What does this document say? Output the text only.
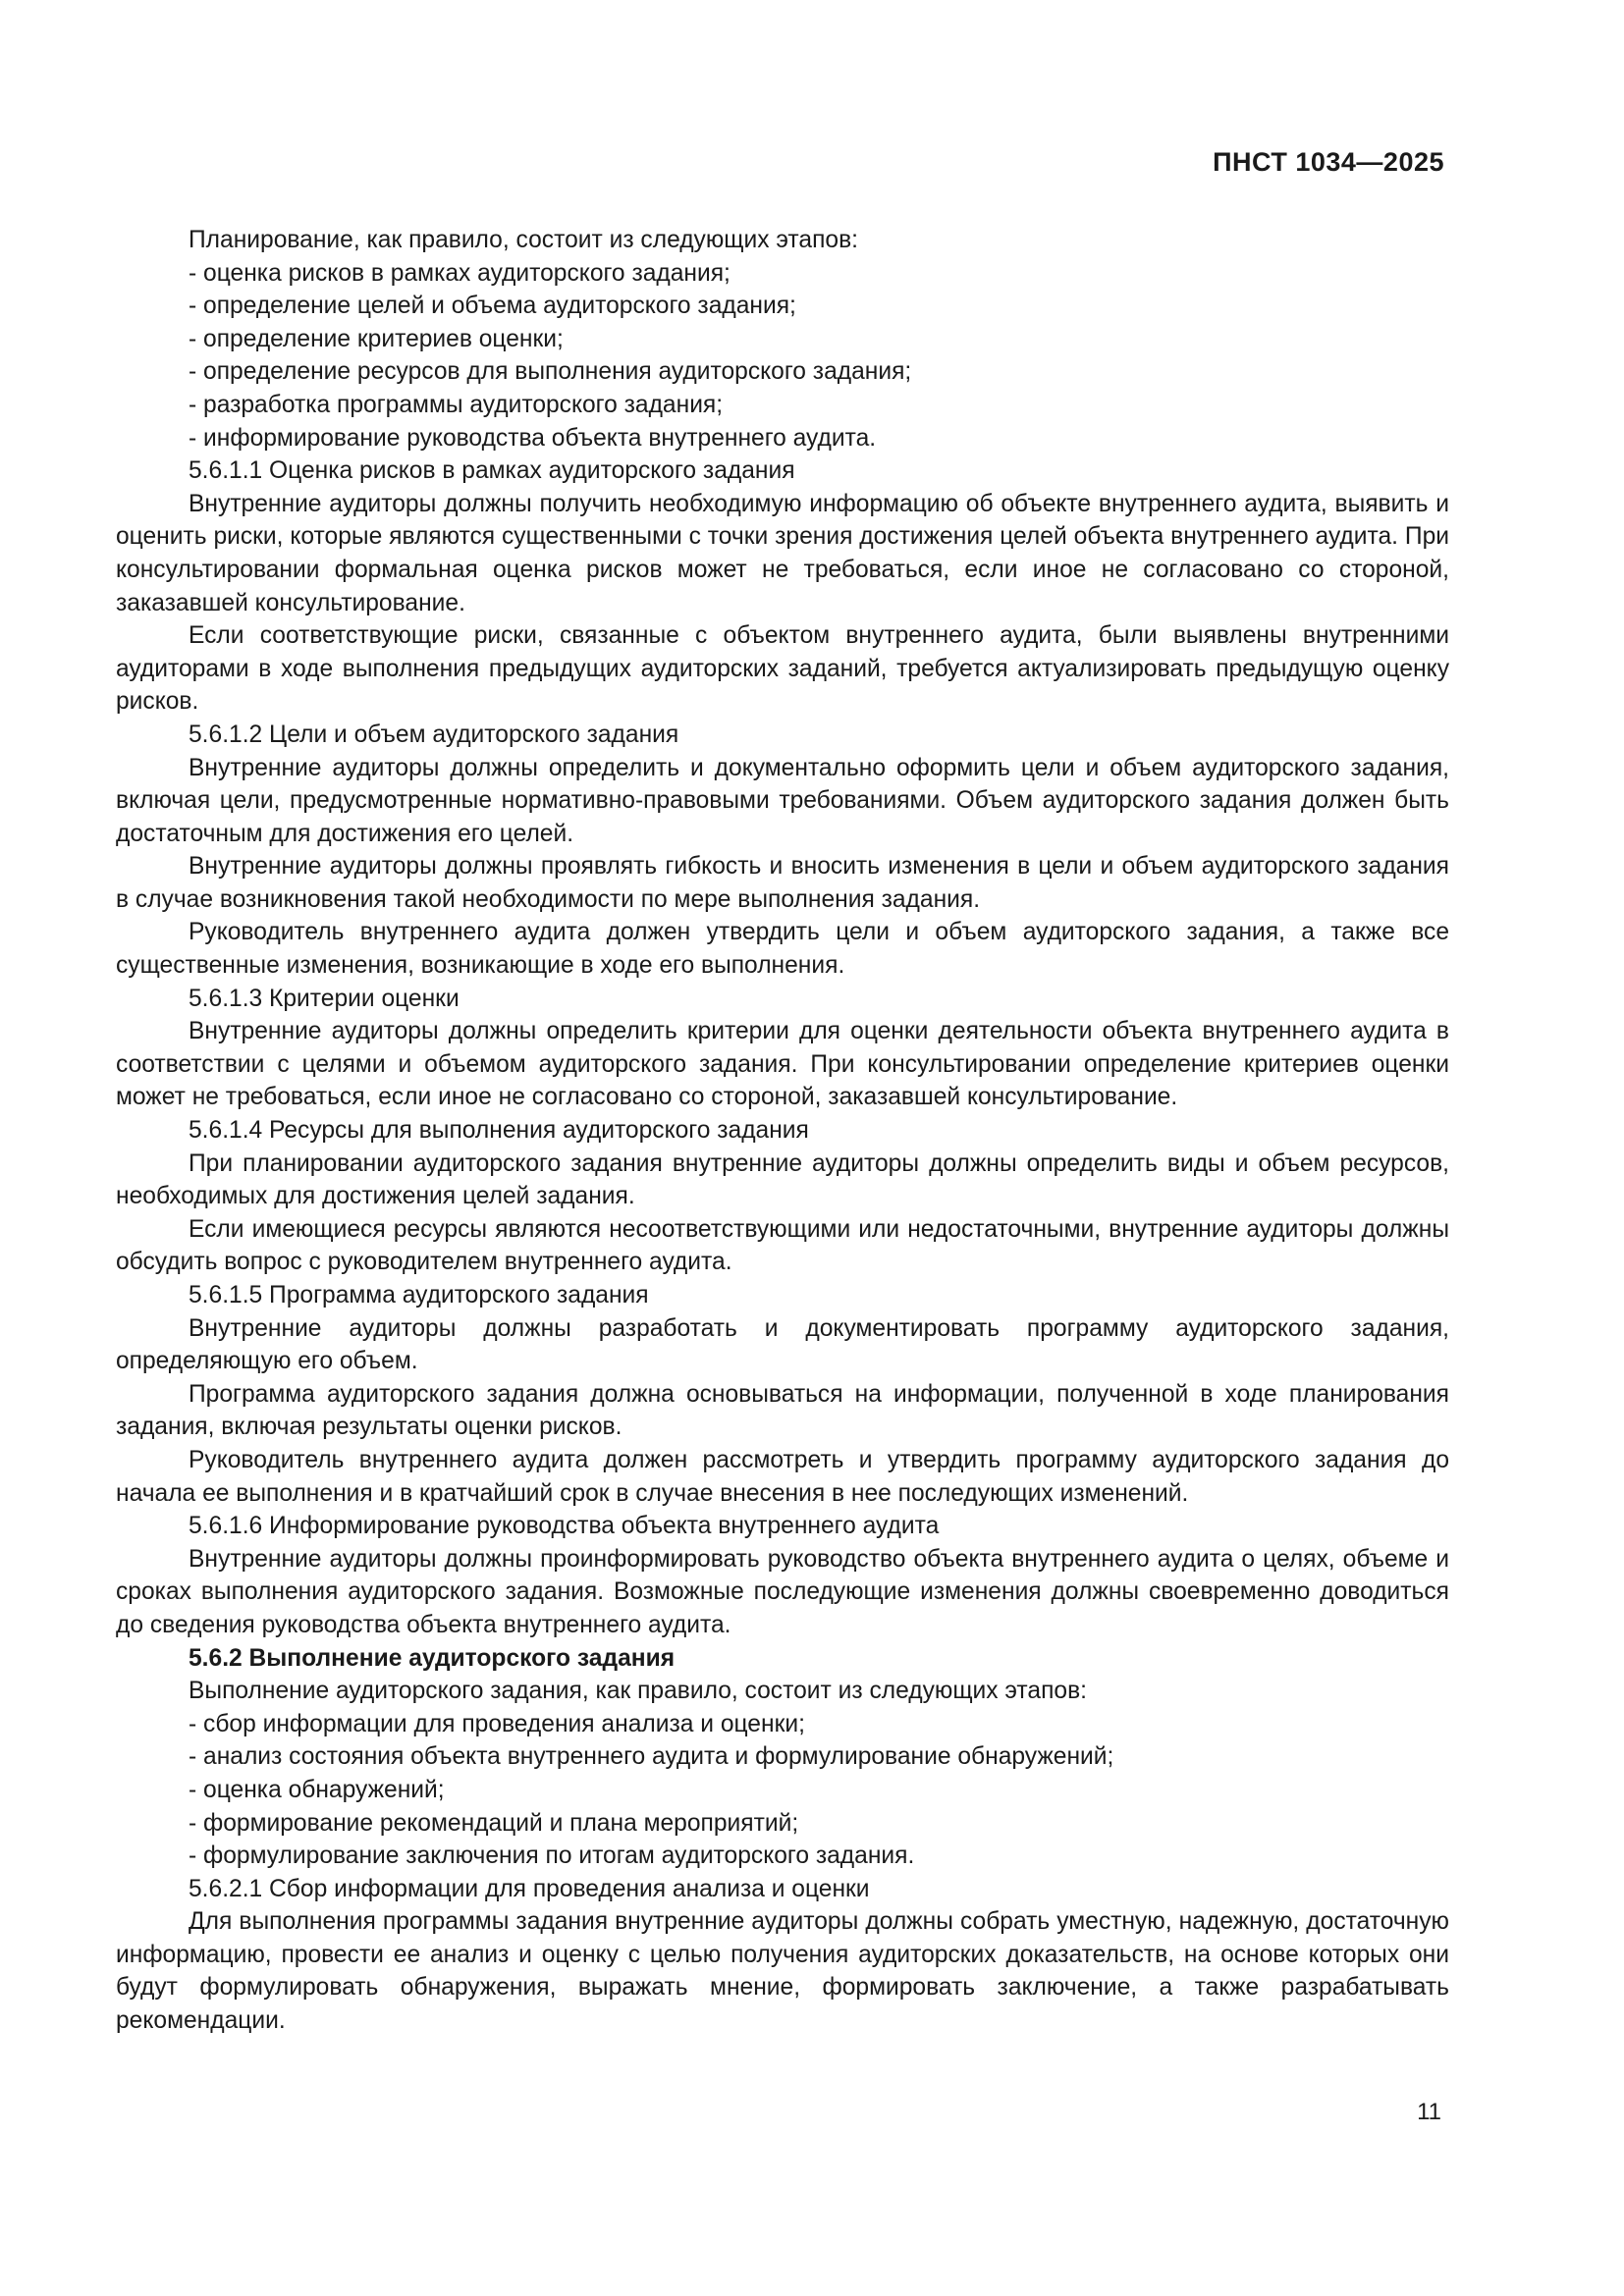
ПНСТ 1034—2025

Планирование, как правило, состоит из следующих этапов:

- оценка рисков в рамках аудиторского задания;

- определение целей и объема аудиторского задания;

- определение критериев оценки;

- определение ресурсов для выполнения аудиторского задания;

- разработка программы аудиторского задания;

- информирование руководства объекта внутреннего аудита.

5.6.1.1 Оценка рисков в рамках аудиторского задания

Внутренние аудиторы должны получить необходимую информацию об объекте внутреннего аудита, выявить и оценить риски, которые являются существенными с точки зрения достижения целей объекта внутреннего аудита. При консультировании формальная оценка рисков может не требоваться, если иное не согласовано со стороной, заказавшей консультирование.

Если соответствующие риски, связанные с объектом внутреннего аудита, были выявлены внутренними аудиторами в ходе выполнения предыдущих аудиторских заданий, требуется актуализировать предыдущую оценку рисков.

5.6.1.2 Цели и объем аудиторского задания

Внутренние аудиторы должны определить и документально оформить цели и объем аудиторского задания, включая цели, предусмотренные нормативно-правовыми требованиями. Объем аудиторского задания должен быть достаточным для достижения его целей.

Внутренние аудиторы должны проявлять гибкость и вносить изменения в цели и объем аудиторского задания в случае возникновения такой необходимости по мере выполнения задания.

Руководитель внутреннего аудита должен утвердить цели и объем аудиторского задания, а также все существенные изменения, возникающие в ходе его выполнения.

5.6.1.3 Критерии оценки

Внутренние аудиторы должны определить критерии для оценки деятельности объекта внутреннего аудита в соответствии с целями и объемом аудиторского задания. При консультировании определение критериев оценки может не требоваться, если иное не согласовано со стороной, заказавшей консультирование.

5.6.1.4 Ресурсы для выполнения аудиторского задания

При планировании аудиторского задания внутренние аудиторы должны определить виды и объем ресурсов, необходимых для достижения целей задания.

Если имеющиеся ресурсы являются несоответствующими или недостаточными, внутренние аудиторы должны обсудить вопрос с руководителем внутреннего аудита.

5.6.1.5 Программа аудиторского задания

Внутренние аудиторы должны разработать и документировать программу аудиторского задания, определяющую его объем.

Программа аудиторского задания должна основываться на информации, полученной в ходе планирования задания, включая результаты оценки рисков.

Руководитель внутреннего аудита должен рассмотреть и утвердить программу аудиторского задания до начала ее выполнения и в кратчайший срок в случае внесения в нее последующих изменений.

5.6.1.6 Информирование руководства объекта внутреннего аудита

Внутренние аудиторы должны проинформировать руководство объекта внутреннего аудита о целях, объеме и сроках выполнения аудиторского задания. Возможные последующие изменения должны своевременно доводиться до сведения руководства объекта внутреннего аудита.

5.6.2 Выполнение аудиторского задания

Выполнение аудиторского задания, как правило, состоит из следующих этапов:

- сбор информации для проведения анализа и оценки;

- анализ состояния объекта внутреннего аудита и формулирование обнаружений;

- оценка обнаружений;

- формирование рекомендаций и плана мероприятий;

- формулирование заключения по итогам аудиторского задания.

5.6.2.1 Сбор информации для проведения анализа и оценки

Для выполнения программы задания внутренние аудиторы должны собрать уместную, надежную, достаточную информацию, провести ее анализ и оценку с целью получения аудиторских доказательств, на основе которых они будут формулировать обнаружения, выражать мнение, формировать заключение, а также разрабатывать рекомендации.

11
